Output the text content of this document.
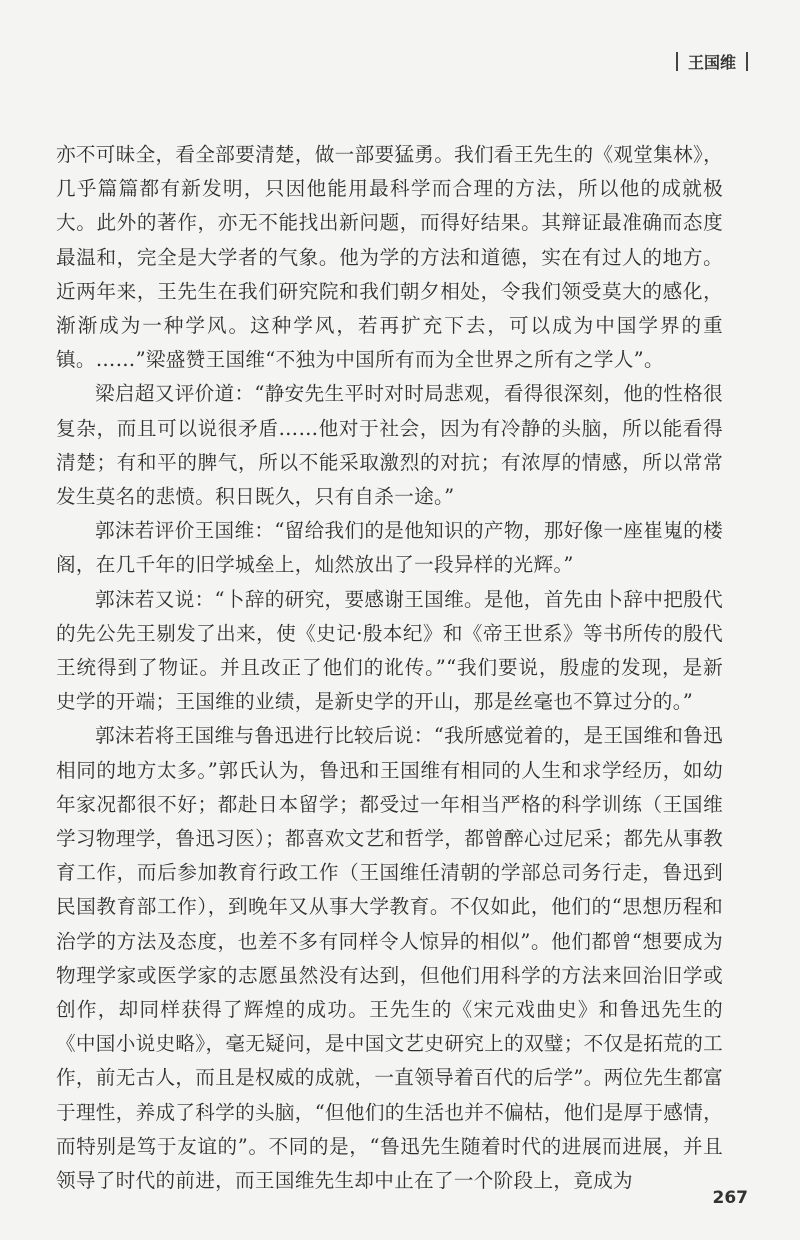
王国维

亦不可昧全，看全部要清楚，做一部要猛勇。我们看王先生的《观堂集林》，几乎篇篇都有新发明，只因他能用最科学而合理的方法，所以他的成就极大。此外的著作，亦无不能找出新问题，而得好结果。其辩证最准确而态度最温和，完全是大学者的气象。他为学的方法和道德，实在有过人的地方。近两年来，王先生在我们研究院和我们朝夕相处，令我们领受莫大的感化，渐渐成为一种学风。这种学风，若再扩充下去，可以成为中国学界的重镇。……”梁盛赞王国维“不独为中国所有而为全世界之所有之学人”。

梁启超又评价道：“静安先生平时对时局悲观，看得很深刻，他的性格很复杂，而且可以说很矛盾……他对于社会，因为有冷静的头脑，所以能看得清楚；有和平的脾气，所以不能采取激烈的对抗；有浓厚的情感，所以常常发生莫名的悲愤。积日既久，只有自杀一途。”

郭沫若评价王国维：“留给我们的是他知识的产物，那好像一座崔嵬的楼阁，在几千年的旧学城垒上，灿然放出了一段异样的光辉。”

郭沫若又说：“卜辞的研究，要感谢王国维。是他，首先由卜辞中把殷代的先公先王剔发了出来，使《史记·殷本纪》和《帝王世系》等书所传的殷代王统得到了物证。并且改正了他们的讹传。”“我们要说，殷虚的发现，是新史学的开端；王国维的业绩，是新史学的开山，那是丝毫也不算过分的。”

郭沫若将王国维与鲁迅进行比较后说：“我所感觉着的，是王国维和鲁迅相同的地方太多。”郭氏认为，鲁迅和王国维有相同的人生和求学经历，如幼年家况都很不好；都赴日本留学；都受过一年相当严格的科学训练（王国维学习物理学，鲁迅习医）；都喜欢文艺和哲学，都曾醉心过尼采；都先从事教育工作，而后参加教育行政工作（王国维任清朝的学部总司务行走，鲁迅到民国教育部工作），到晚年又从事大学教育。不仅如此，他们的“思想历程和治学的方法及态度，也差不多有同样令人惊异的相似”。他们都曾“想要成为物理学家或医学家的志愿虽然没有达到，但他们用科学的方法来回治旧学或创作，却同样获得了辉煌的成功。王先生的《宋元戏曲史》和鲁迅先生的《中国小说史略》，毫无疑问，是中国文艺史研究上的双璧；不仅是拓荒的工作，前无古人，而且是权威的成就，一直领导着百代的后学”。两位先生都富于理性，养成了科学的头脑，“但他们的生活也并不偏枯，他们是厚于感情，而特别是笃于友谊的”。不同的是，“鲁迅先生随着时代的进展而进展，并且领导了时代的前进，而王国维先生却中止在了一个阶段上，竟成为

267
